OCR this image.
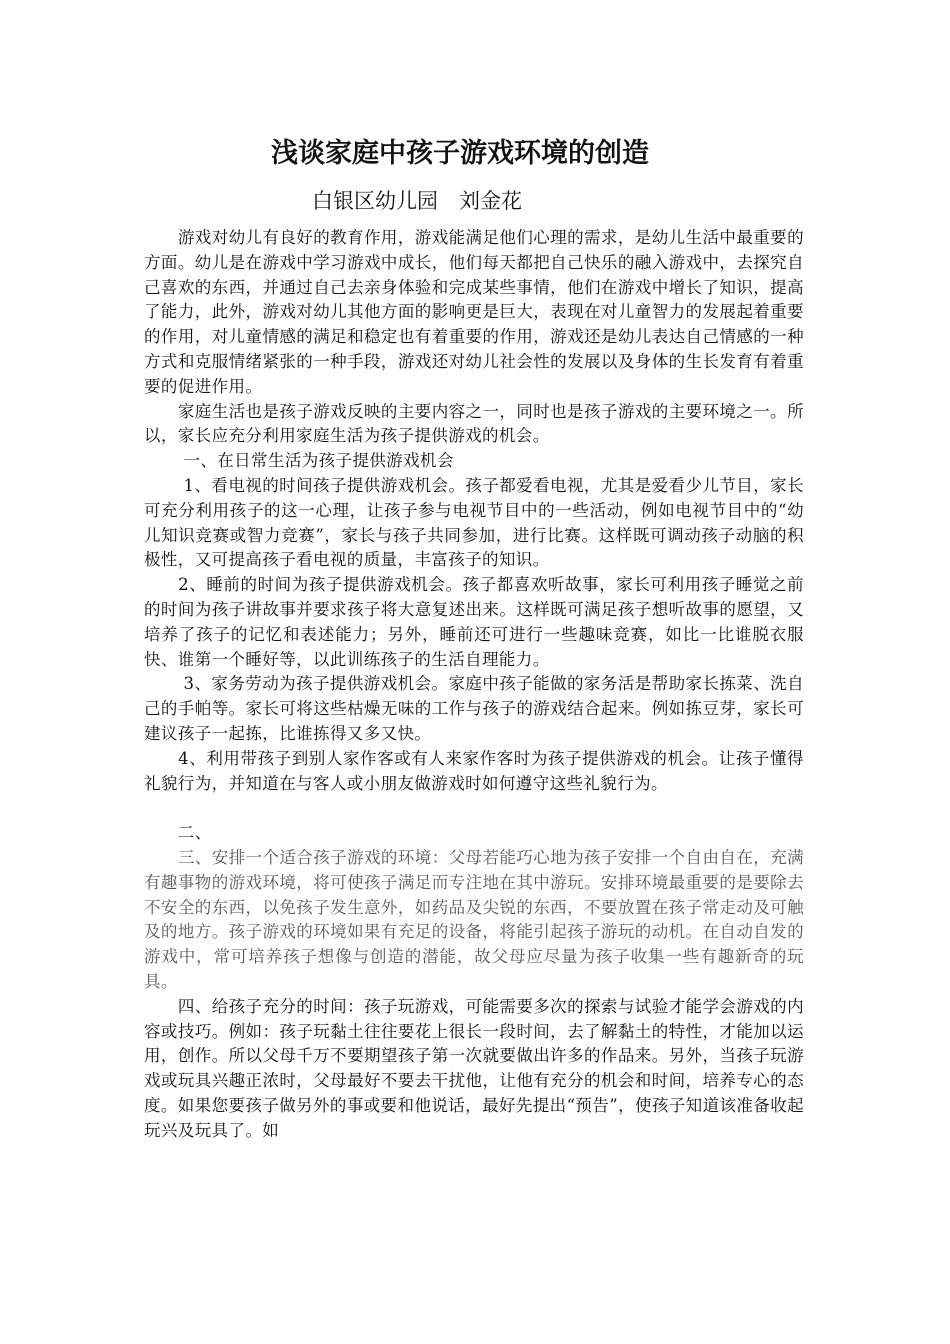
浅谈家庭中孩子游戏环境的创造
白银区幼儿园　刘金花

　　游戏对幼儿有良好的教育作用，游戏能满足他们心理的需求，是幼儿生活中最重要的方面。幼儿是在游戏中学习游戏中成长，他们每天都把自己快乐的融入游戏中，去探究自己喜欢的东西，并通过自己去亲身体验和完成某些事情，他们在游戏中增长了知识，提高了能力，此外，游戏对幼儿其他方面的影响更是巨大，表现在对儿童智力的发展起着重要的作用，对儿童情感的满足和稳定也有着重要的作用，游戏还是幼儿表达自己情感的一种方式和克服情绪紧张的一种手段，游戏还对幼儿社会性的发展以及身体的生长发育有着重要的促进作用。

　　家庭生活也是孩子游戏反映的主要内容之一，同时也是孩子游戏的主要环境之一。所以，家长应充分利用家庭生活为孩子提供游戏的机会。

　　 一、在日常生活为孩子提供游戏机会

　　 1、看电视的时间孩子提供游戏机会。孩子都爱看电视，尤其是爱看少儿节目，家长可充分利用孩子的这一心理，让孩子参与电视节目中的一些活动，例如电视节目中的“幼儿知识竞赛或智力竞赛”，家长与孩子共同参加，进行比赛。这样既可调动孩子动脑的积极性，又可提高孩子看电视的质量，丰富孩子的知识。

　　2、睡前的时间为孩子提供游戏机会。孩子都喜欢听故事，家长可利用孩子睡觉之前的时间为孩子讲故事并要求孩子将大意复述出来。这样既可满足孩子想听故事的愿望，又培养了孩子的记忆和表述能力；另外，睡前还可进行一些趣味竞赛，如比一比谁脱衣服快、谁第一个睡好等，以此训练孩子的生活自理能力。

　　 3、家务劳动为孩子提供游戏机会。家庭中孩子能做的家务活是帮助家长拣菜、洗自己的手帕等。家长可将这些枯燥无味的工作与孩子的游戏结合起来。例如拣豆芽，家长可建议孩子一起拣，比谁拣得又多又快。

　　4、利用带孩子到别人家作客或有人来家作客时为孩子提供游戏的机会。让孩子懂得礼貌行为，并知道在与客人或小朋友做游戏时如何遵守这些礼貌行为。

　　二、

　　三、安排一个适合孩子游戏的环境：父母若能巧心地为孩子安排一个自由自在，充满有趣事物的游戏环境，将可使孩子满足而专注地在其中游玩。安排环境最重要的是要除去不安全的东西，以免孩子发生意外，如药品及尖锐的东西，不要放置在孩子常走动及可触及的地方。孩子游戏的环境如果有充足的设备，将能引起孩子游玩的动机。在自动自发的游戏中，常可培养孩子想像与创造的潜能，故父母应尽量为孩子收集一些有趣新奇的玩具。

　　四、给孩子充分的时间：孩子玩游戏，可能需要多次的探索与试验才能学会游戏的内容或技巧。例如：孩子玩黏土往往要花上很长一段时间，去了解黏土的特性，才能加以运用，创作。所以父母千万不要期望孩子第一次就要做出许多的作品来。另外，当孩子玩游戏或玩具兴趣正浓时，父母最好不要去干扰他，让他有充分的机会和时间，培养专心的态度。如果您要孩子做另外的事或要和他说话，最好先提出“预告”，使孩子知道该准备收起玩兴及玩具了。如
